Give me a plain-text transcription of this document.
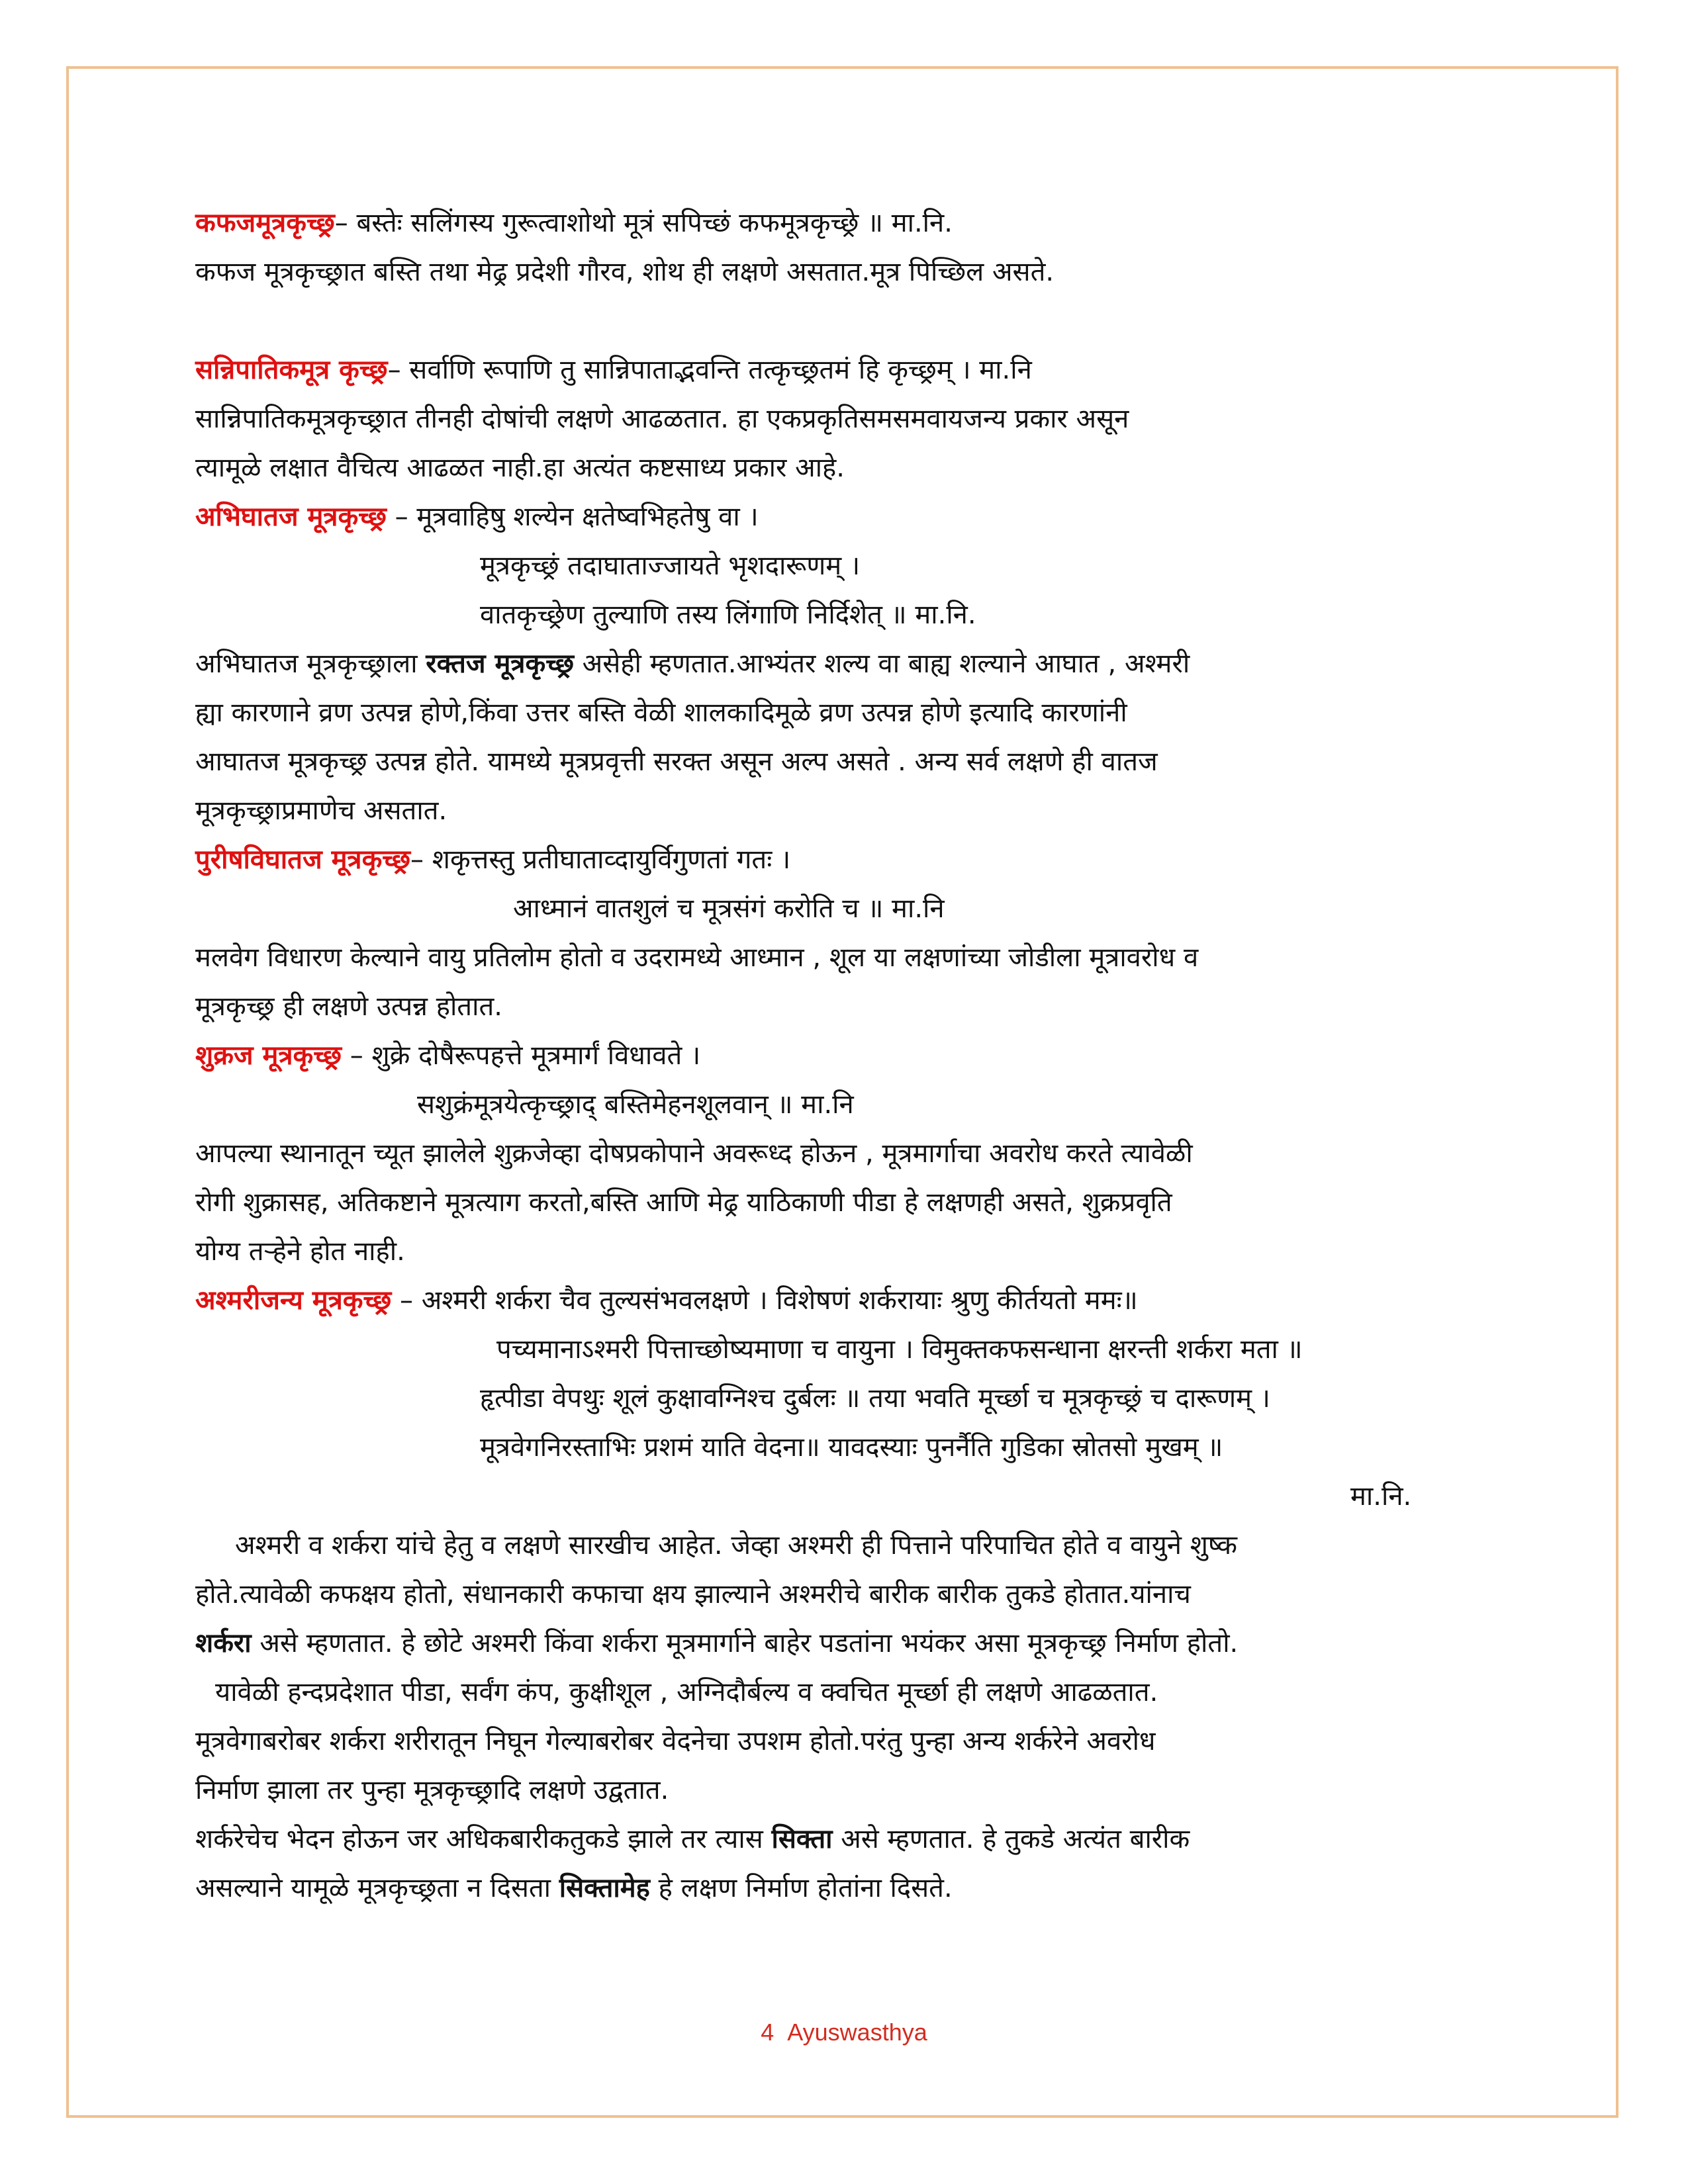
कफजमूत्रकृच्छ्र– बस्तेः सलिंगस्य गुरूत्वाशोथो मूत्रं सपिच्छं कफमूत्रकृच्छ्रे ॥ मा.नि.
कफज मूत्रकृच्छ्रात बस्ति तथा मेढ्र प्रदेशी गौरव, शोथ ही लक्षणे असतात.मूत्र पिच्छिल असते.
सन्निपातिकमूत्र कृच्छ्र– सर्वाणि रूपाणि तु सान्निपाताद्भवन्ति तत्कृच्छ्रतमं हि कृच्छ्रम् । मा.नि
सान्निपातिकमूत्रकृच्छ्रात तीनही दोषांची लक्षणे आढळतात. हा एकप्रकृतिसमसमवायजन्य प्रकार असून
त्यामूळे लक्षात वैचित्य आढळत नाही.हा अत्यंत कष्टसाध्य प्रकार आहे.
अभिघातज मूत्रकृच्छ्र – मूत्रवाहिषु शल्येन क्षतेष्वभिहतेषु वा ।
मूत्रकृच्छ्रं तदाघाताज्जायते भृशदारूणम् ।
वातकृच्छ्रेण तुल्याणि तस्य लिंगाणि निर्दिशेत् ॥ मा.नि.
अभिघातज मूत्रकृच्छ्राला रक्तज मूत्रकृच्छ्र असेही म्हणतात.आभ्यंतर शल्य वा बाह्य शल्याने आघात , अश्मरी
ह्या कारणाने व्रण उत्पन्न होणे,किंवा उत्तर बस्ति वेळी शालकादिमूळे व्रण उत्पन्न होणे इत्यादि कारणांनी
आघातज मूत्रकृच्छ्र उत्पन्न होते. यामध्ये मूत्रप्रवृत्ती सरक्त असून अल्प असते . अन्य सर्व लक्षणे ही वातज
मूत्रकृच्छ्राप्रमाणेच असतात.
पुरीषविघातज मूत्रकृच्छ्र– शकृत्तस्तु प्रतीघाताव्दायुर्विगुणतां गतः ।
आध्मानं वातशुलं च मूत्रसंगं करोति च ॥ मा.नि
मलवेग विधारण केल्याने वायु प्रतिलोम होतो व उदरामध्ये आध्मान , शूल या लक्षणांच्या जोडीला मूत्रावरोध व
मूत्रकृच्छ्र ही लक्षणे उत्पन्न होतात.
शुक्रज मूत्रकृच्छ्र – शुक्रे दोषैरूपहत्ते मूत्रमार्गं विधावते ।
सशुक्रंमूत्रयेत्कृच्छ्राद् बस्तिमेहनशूलवान् ॥ मा.नि
आपल्या स्थानातून च्यूत झालेले शुक्रजेव्हा दोषप्रकोपाने अवरूध्द होऊन , मूत्रमार्गाचा अवरोध करते त्यावेळी
रोगी शुक्रासह, अतिकष्टाने मूत्रत्याग करतो,बस्ति आणि मेढ्र याठिकाणी पीडा हे लक्षणही असते, शुक्रप्रवृति
योग्य तऱ्हेने होत नाही.
अश्मरीजन्य मूत्रकृच्छ्र – अश्मरी शर्करा चैव तुल्यसंभवलक्षणे । विशेषणं शर्करायाः श्रुणु कीर्तयतो ममः॥
पच्यमानाऽश्मरी पित्ताच्छोष्यमाणा च वायुना । विमुक्तकफसन्धाना क्षरन्ती शर्करा मता ॥
हृत्पीडा वेपथुः शूलं कुक्षावग्निश्च दुर्बलः ॥ तया भवति मूर्च्छा च मूत्रकृच्छ्रं च दारूणम् ।
मूत्रवेगनिरस्ताभिः प्रशमं याति वेदना॥ यावदस्याः पुनर्नैति गुडिका स्रोतसो मुखम् ॥
मा.नि.
अश्मरी व शर्करा यांचे हेतु व लक्षणे सारखीच आहेत. जेव्हा अश्मरी ही पित्ताने परिपाचित होते व वायुने शुष्क
होते.त्यावेळी कफक्षय होतो, संधानकारी कफाचा क्षय झाल्याने अश्मरीचे बारीक बारीक तुकडे होतात.यांनाच
शर्करा असे म्हणतात. हे छोटे अश्मरी किंवा शर्करा मूत्रमार्गाने बाहेर पडतांना भयंकर असा मूत्रकृच्छ्र निर्माण होतो.
यावेळी हन्दप्रदेशात पीडा, सर्वंग कंप, कुक्षीशूल , अग्निदौर्बल्य व क्वचित मूर्च्छा ही लक्षणे आढळतात.
मूत्रवेगाबरोबर शर्करा शरीरातून निघून गेल्याबरोबर वेदनेचा उपशम होतो.परंतु पुन्हा अन्य शर्करेने अवरोध
निर्माण झाला तर पुन्हा मूत्रकृच्छ्रादि लक्षणे उद्वतात.
शर्करेचेच भेदन होऊन जर अधिकबारीकतुकडे झाले तर त्यास सिक्ता असे म्हणतात. हे तुकडे अत्यंत बारीक
असल्याने यामूळे मूत्रकृच्छ्रता न दिसता सिक्तामेह हे लक्षण निर्माण होतांना दिसते.
4 Ayuswasthya
